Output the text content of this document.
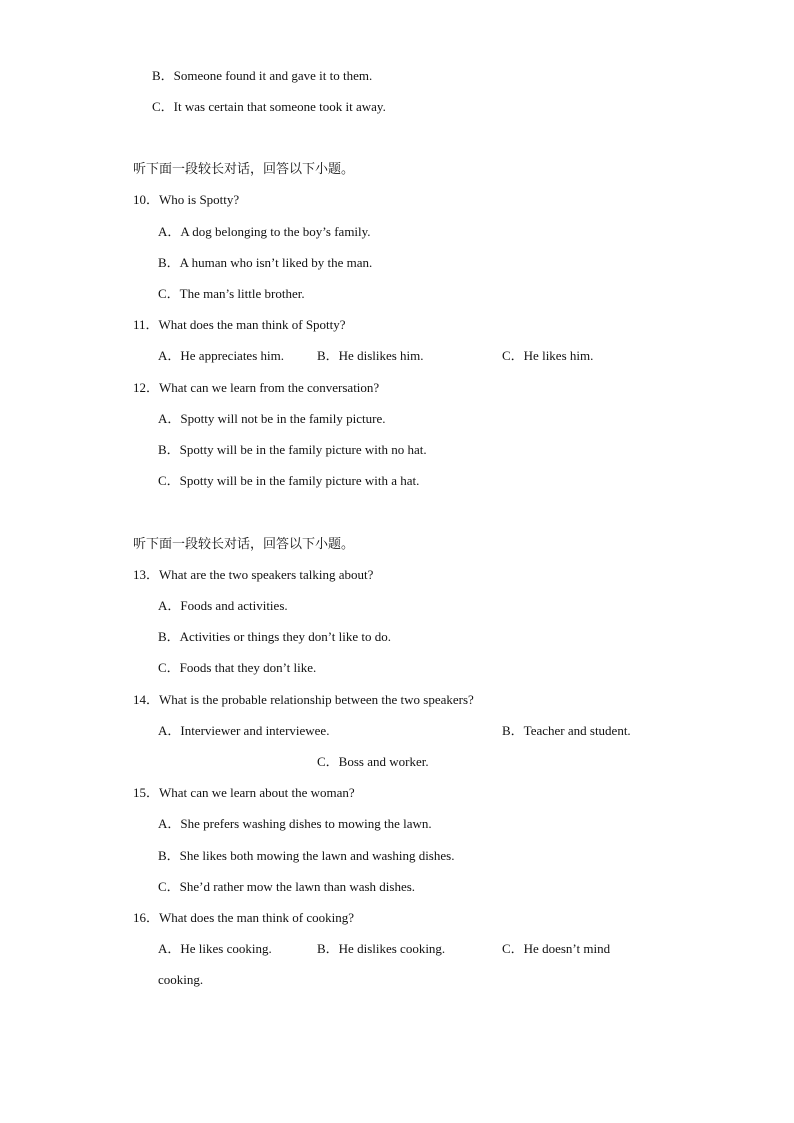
B．Someone found it and gave it to them.
C．It was certain that someone took it away.
听下面一段较长对话，回答以下小题。
10．Who is Spotty?
A．A dog belonging to the boy’s family.
B．A human who isn’t liked by the man.
C．The man’s little brother.
11．What does the man think of Spotty?
A．He appreciates him.	B．He dislikes him.	C．He likes him.
12．What can we learn from the conversation?
A．Spotty will not be in the family picture.
B．Spotty will be in the family picture with no hat.
C．Spotty will be in the family picture with a hat.
听下面一段较长对话，回答以下小题。
13．What are the two speakers talking about?
A．Foods and activities.
B．Activities or things they don’t like to do.
C．Foods that they don’t like.
14．What is the probable relationship between the two speakers?
A．Interviewer and interviewee.	B．Teacher and student.
C．Boss and worker.
15．What can we learn about the woman?
A．She prefers washing dishes to mowing the lawn.
B．She likes both mowing the lawn and washing dishes.
C．She’d rather mow the lawn than wash dishes.
16．What does the man think of cooking?
A．He likes cooking.	B．He dislikes cooking.	C．He doesn’t mind
cooking.
